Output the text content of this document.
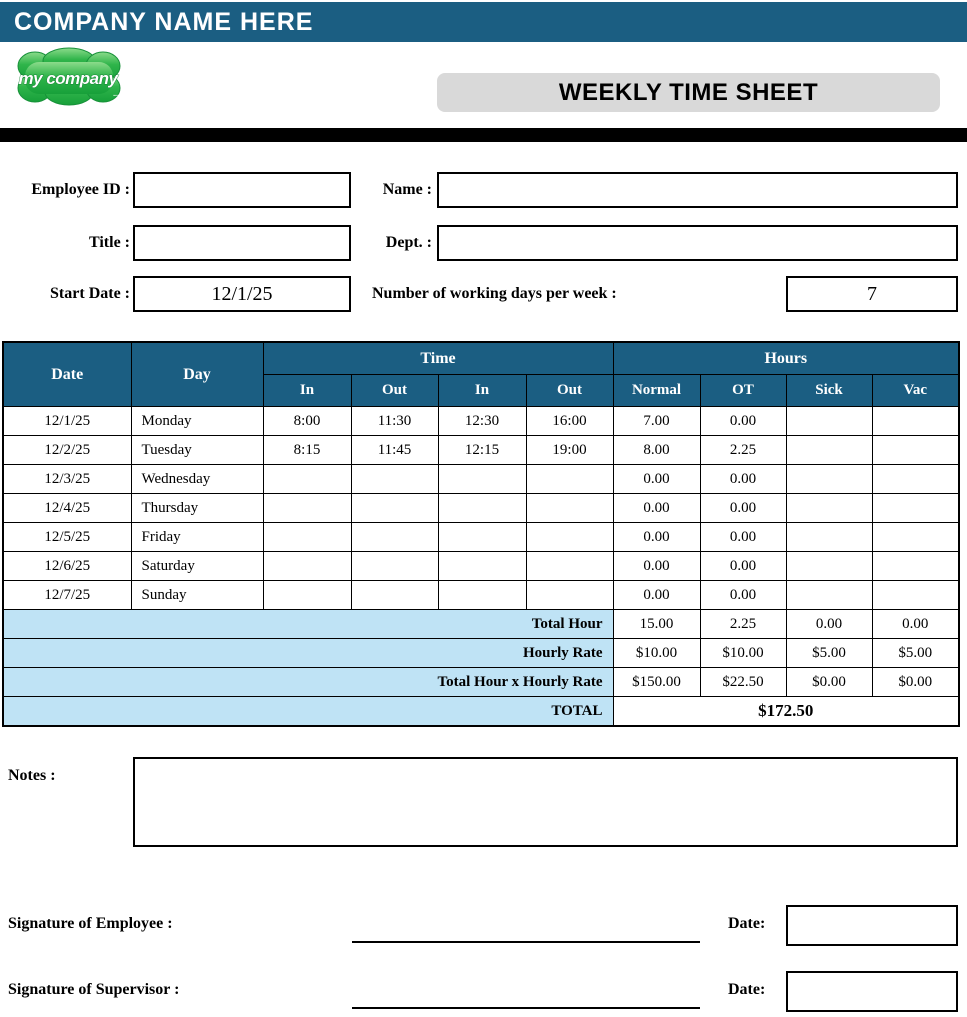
COMPANY NAME HERE
my company
...	WEEKLY TIME SHEET
Employee ID :	Name :
Title :	Dept. :
Start Date :	12/1/25	Number of working days per week :	7
Date	Day	Time				Hours			
		In	Out	In	Out	Normal	OT	Sick	Vac
12/1/25	Monday	8:00	11:30	12:30	16:00	7.00	0.00		
12/2/25	Tuesday	8:15	11:45	12:15	19:00	8.00	2.25		
12/3/25	Wednesday					0.00	0.00		
12/4/25	Thursday					0.00	0.00		
12/5/25	Friday					0.00	0.00		
12/6/25	Saturday					0.00	0.00		
12/7/25	Sunday					0.00	0.00		
Total Hour						15.00	2.25	0.00	0.00
Hourly Rate						$10.00	$10.00	$5.00	$5.00
Total Hour x Hourly Rate						$150.00	$22.50	$0.00	$0.00
TOTAL						$172.50			
Notes :
Signature of Employee :	Date:
Signature of Supervisor :	Date:
